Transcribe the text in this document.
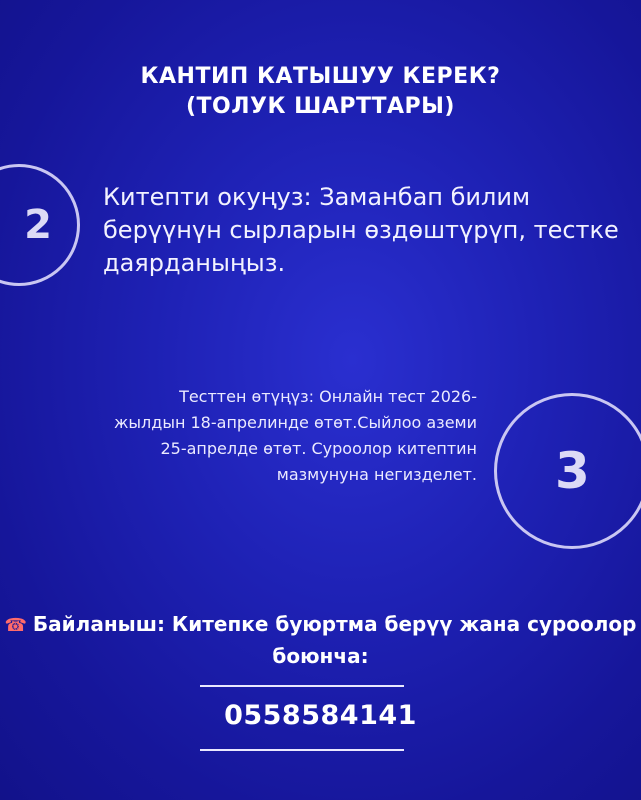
КАНТИП КАТЫШУУ КЕРЕК?
(ТОЛУК ШАРТТАРЫ)
2
Китепти окуңуз: Заманбап билим берүүнүн сырларын өздөштүрүп, тестке даярданыңыз.
Тесттен өтүңүз: Онлайн тест 2026-жылдын 18-апрелинде өтөт.Сыйлоо аземи 25-апрелде өтөт. Суроолор китептин мазмунуна негизделет. 3
☎ Байланыш: Китепке буюртма берүү жана суроолор боюнча:
0558584141
